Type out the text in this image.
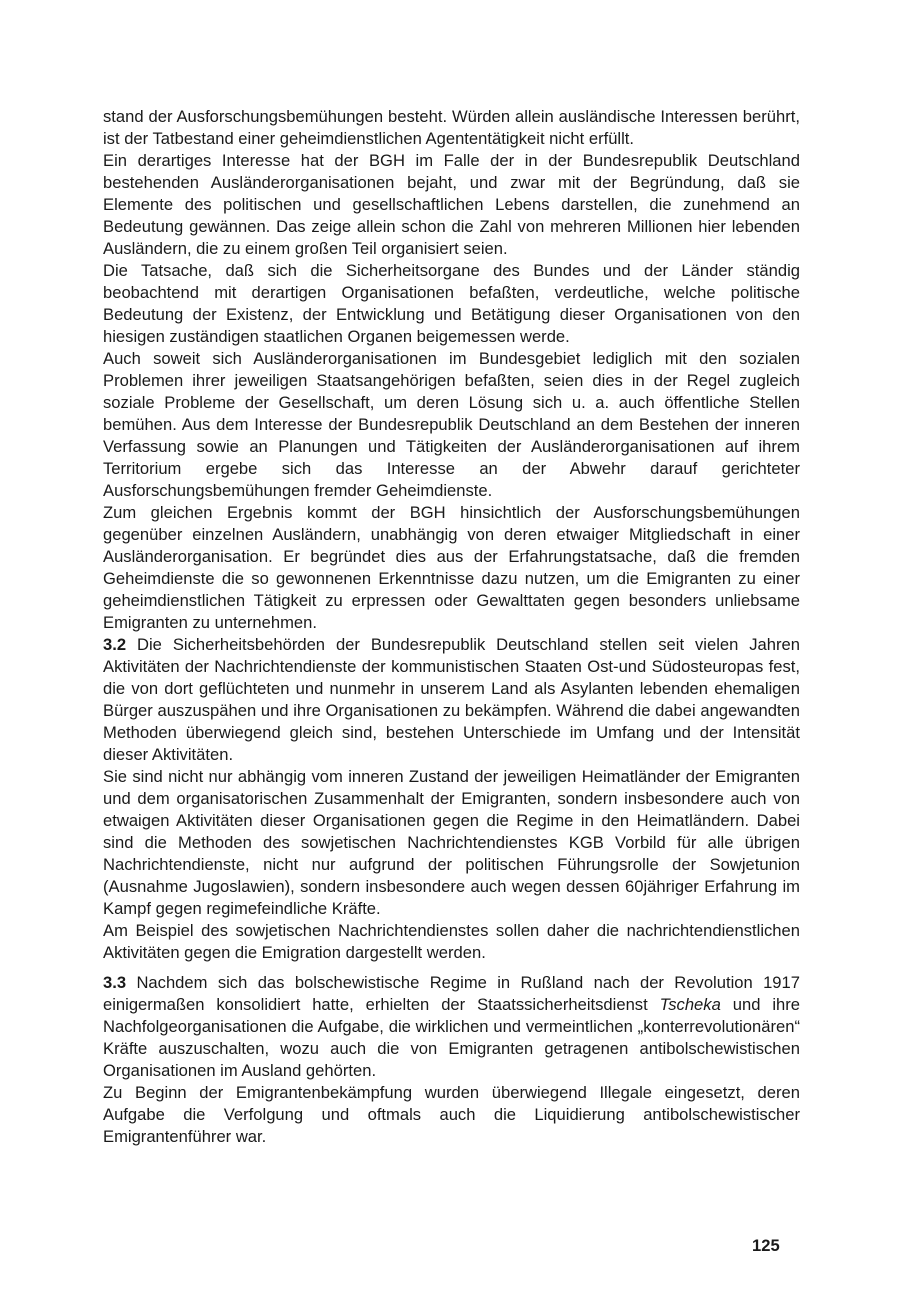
stand der Ausforschungsbemühungen besteht. Würden allein ausländische Interessen berührt, ist der Tatbestand einer geheimdienstlichen Agententätigkeit nicht erfüllt.

Ein derartiges Interesse hat der BGH im Falle der in der Bundesrepublik Deutschland bestehenden Ausländerorganisationen bejaht, und zwar mit der Begründung, daß sie Elemente des politischen und gesellschaftlichen Lebens darstellen, die zunehmend an Bedeutung gewännen. Das zeige allein schon die Zahl von mehreren Millionen hier lebenden Ausländern, die zu einem großen Teil organisiert seien.

Die Tatsache, daß sich die Sicherheitsorgane des Bundes und der Länder ständig beobachtend mit derartigen Organisationen befaßten, verdeutliche, welche politische Bedeutung der Existenz, der Entwicklung und Betätigung dieser Organisationen von den hiesigen zuständigen staatlichen Organen beigemessen werde.

Auch soweit sich Ausländerorganisationen im Bundesgebiet lediglich mit den sozialen Problemen ihrer jeweiligen Staatsangehörigen befaßten, seien dies in der Regel zugleich soziale Probleme der Gesellschaft, um deren Lösung sich u. a. auch öffentliche Stellen bemühen. Aus dem Interesse der Bundesrepublik Deutschland an dem Bestehen der inneren Verfassung sowie an Planungen und Tätigkeiten der Ausländerorganisationen auf ihrem Territorium ergebe sich das Interesse an der Abwehr darauf gerichteter Ausforschungsbemühungen fremder Geheimdienste.

Zum gleichen Ergebnis kommt der BGH hinsichtlich der Ausforschungsbemühungen gegenüber einzelnen Ausländern, unabhängig von deren etwaiger Mitgliedschaft in einer Ausländerorganisation. Er begründet dies aus der Erfahrungstatsache, daß die fremden Geheimdienste die so gewonnenen Erkenntnisse dazu nutzen, um die Emigranten zu einer geheimdienstlichen Tätigkeit zu erpressen oder Gewalttaten gegen besonders unliebsame Emigranten zu unternehmen.

3.2 Die Sicherheitsbehörden der Bundesrepublik Deutschland stellen seit vielen Jahren Aktivitäten der Nachrichtendienste der kommunistischen Staaten Ost-und Südosteuropas fest, die von dort geflüchteten und nunmehr in unserem Land als Asylanten lebenden ehemaligen Bürger auszuspähen und ihre Organisationen zu bekämpfen. Während die dabei angewandten Methoden überwiegend gleich sind, bestehen Unterschiede im Umfang und der Intensität dieser Aktivitäten.

Sie sind nicht nur abhängig vom inneren Zustand der jeweiligen Heimatländer der Emigranten und dem organisatorischen Zusammenhalt der Emigranten, sondern insbesondere auch von etwaigen Aktivitäten dieser Organisationen gegen die Regime in den Heimatländern. Dabei sind die Methoden des sowjetischen Nachrichtendienstes KGB Vorbild für alle übrigen Nachrichtendienste, nicht nur aufgrund der politischen Führungsrolle der Sowjetunion (Ausnahme Jugoslawien), sondern insbesondere auch wegen dessen 60jähriger Erfahrung im Kampf gegen regimefeindliche Kräfte.

Am Beispiel des sowjetischen Nachrichtendienstes sollen daher die nachrichtendienstlichen Aktivitäten gegen die Emigration dargestellt werden.

3.3 Nachdem sich das bolschewistische Regime in Rußland nach der Revolution 1917 einigermaßen konsolidiert hatte, erhielten der Staatssicherheitsdienst Tscheka und ihre Nachfolgeorganisationen die Aufgabe, die wirklichen und vermeintlichen „konterrevolutionären“ Kräfte auszuschalten, wozu auch die von Emigranten getragenen antibolschewistischen Organisationen im Ausland gehörten.

Zu Beginn der Emigrantenbekämpfung wurden überwiegend Illegale eingesetzt, deren Aufgabe die Verfolgung und oftmals auch die Liquidierung antibolschewistischer Emigrantenführer war.

125
